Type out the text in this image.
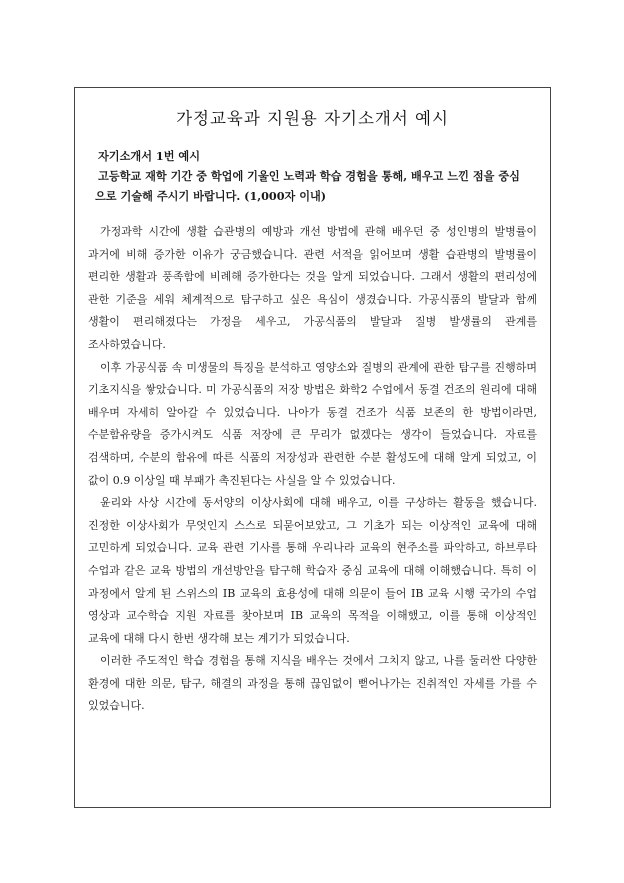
가정교육과 지원용 자기소개서 예시
자기소개서 1번 예시
고등학교 재학 기간 중 학업에 기울인 노력과 학습 경험을 통해, 배우고 느낀 점을 중심으로 기술해 주시기 바랍니다. (1,000자 이내)

가정과학 시간에 생활 습관병의 예방과 개선 방법에 관해 배우던 중 성인병의 발병률이 과거에 비해 증가한 이유가 궁금했습니다. 관련 서적을 읽어보며 생활 습관병의 발병률이 편리한 생활과 풍족함에 비례해 증가한다는 것을 알게 되었습니다. 그래서 생활의 편리성에 관한 기준을 세워 체계적으로 탐구하고 싶은 욕심이 생겼습니다. 가공식품의 발달과 함께 생활이 편리해졌다는 가정을 세우고, 가공식품의 발달과 질병 발생률의 관계를 조사하였습니다.

이후 가공식품 속 미생물의 특징을 분석하고 영양소와 질병의 관계에 관한 탐구를 진행하며 기초지식을 쌓았습니다. 미 가공식품의 저장 방법은 화학2 수업에서 동결 건조의 원리에 대해 배우며 자세히 알아갈 수 있었습니다. 나아가 동결 건조가 식품 보존의 한 방법이라면, 수분함유량을 증가시켜도 식품 저장에 큰 무리가 없겠다는 생각이 들었습니다. 자료를 검색하며, 수분의 함유에 따른 식품의 저장성과 관련한 수분 활성도에 대해 알게 되었고, 이 값이 0.9 이상일 때 부패가 촉진된다는 사실을 알 수 있었습니다.

윤리와 사상 시간에 동서양의 이상사회에 대해 배우고, 이를 구상하는 활동을 했습니다. 진정한 이상사회가 무엇인지 스스로 되묻어보았고, 그 기초가 되는 이상적인 교육에 대해 고민하게 되었습니다. 교육 관련 기사를 통해 우리나라 교육의 현주소를 파악하고, 하브루타 수업과 같은 교육 방법의 개선방안을 탐구해 학습자 중심 교육에 대해 이해했습니다. 특히 이 과정에서 알게 된 스위스의 IB 교육의 효용성에 대해 의문이 들어 IB 교육 시행 국가의 수업 영상과 교수학습 지원 자료를 찾아보며 IB 교육의 목적을 이해했고, 이를 통해 이상적인 교육에 대해 다시 한번 생각해 보는 계기가 되었습니다.

이러한 주도적인 학습 경험을 통해 지식을 배우는 것에서 그치지 않고, 나를 둘러싼 다양한 환경에 대한 의문, 탐구, 해결의 과정을 통해 끊임없이 뻗어나가는 진취적인 자세를 가를 수 있었습니다.
